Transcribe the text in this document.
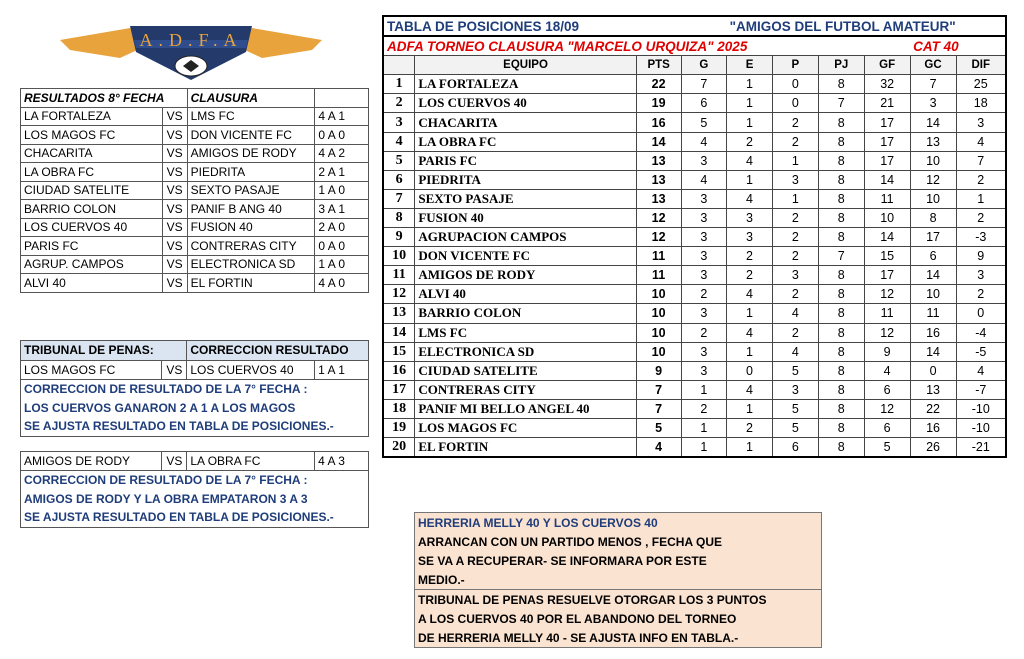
A.D.F.A
RESULTADOS 8° FECHA		CLAUSURA	
LA FORTALEZA	VS	LMS FC	4 A 1
LOS MAGOS FC	VS	DON VICENTE FC	0 A 0
CHACARITA	VS	AMIGOS DE RODY	4 A 2
LA OBRA FC	VS	PIEDRITA	2 A 1
CIUDAD SATELITE	VS	SEXTO PASAJE	1 A 0
BARRIO COLON	VS	PANIF B ANG 40	3 A 1
LOS CUERVOS 40	VS	FUSION 40	2 A 0
PARIS FC	VS	CONTRERAS CITY	0 A 0
AGRUP. CAMPOS	VS	ELECTRONICA SD	1 A 0
ALVI 40	VS	EL FORTIN	4 A 0
TRIBUNAL DE PENAS:		CORRECCION RESULTADO	
LOS MAGOS FC	VS	LOS CUERVOS 40	1 A 1
CORRECCION DE RESULTADO DE LA 7° FECHA :			
LOS CUERVOS GANARON 2 A 1 A LOS MAGOS			
SE AJUSTA RESULTADO EN TABLA DE POSICIONES.-			

AMIGOS DE RODY	VS	LA OBRA FC	4 A 3
CORRECCION DE RESULTADO DE LA 7° FECHA :			
AMIGOS DE RODY Y LA OBRA EMPATARON 3 A 3			
SE AJUSTA RESULTADO EN TABLA DE POSICIONES.-			
TABLA DE POSICIONES 18/09				"AMIGOS DEL FUTBOL AMATEUR"					
ADFA TORNEO CLAUSURA "MARCELO URQUIZA" 2025								CAT 40	
	EQUIPO	PTS	G	E	P	PJ	GF	GC	DIF
1	LA FORTALEZA	22	7	1	0	8	32	7	25
2	LOS CUERVOS 40	19	6	1	0	7	21	3	18
3	CHACARITA	16	5	1	2	8	17	14	3
4	LA OBRA FC	14	4	2	2	8	17	13	4
5	PARIS FC	13	3	4	1	8	17	10	7
6	PIEDRITA	13	4	1	3	8	14	12	2
7	SEXTO PASAJE	13	3	4	1	8	11	10	1
8	FUSION 40	12	3	3	2	8	10	8	2
9	AGRUPACION CAMPOS	12	3	3	2	8	14	17	-3
10	DON VICENTE FC	11	3	2	2	7	15	6	9
11	AMIGOS DE RODY	11	3	2	3	8	17	14	3
12	ALVI 40	10	2	4	2	8	12	10	2
13	BARRIO COLON	10	3	1	4	8	11	11	0
14	LMS FC	10	2	4	2	8	12	16	-4
15	ELECTRONICA SD	10	3	1	4	8	9	14	-5
16	CIUDAD SATELITE	9	3	0	5	8	4	0	4
17	CONTRERAS CITY	7	1	4	3	8	6	13	-7
18	PANIF MI BELLO ANGEL 40	7	2	1	5	8	12	22	-10
19	LOS MAGOS FC	5	1	2	5	8	6	16	-10
20	EL FORTIN	4	1	1	6	8	5	26	-21
HERRERIA MELLY 40 Y LOS CUERVOS 40
ARRANCAN CON UN PARTIDO MENOS , FECHA QUE
SE VA A RECUPERAR- SE INFORMARA POR ESTE
MEDIO.-
TRIBUNAL DE PENAS RESUELVE OTORGAR LOS 3 PUNTOS
A LOS CUERVOS 40 POR EL ABANDONO DEL TORNEO
DE HERRERIA MELLY 40 - SE AJUSTA INFO EN TABLA.-
